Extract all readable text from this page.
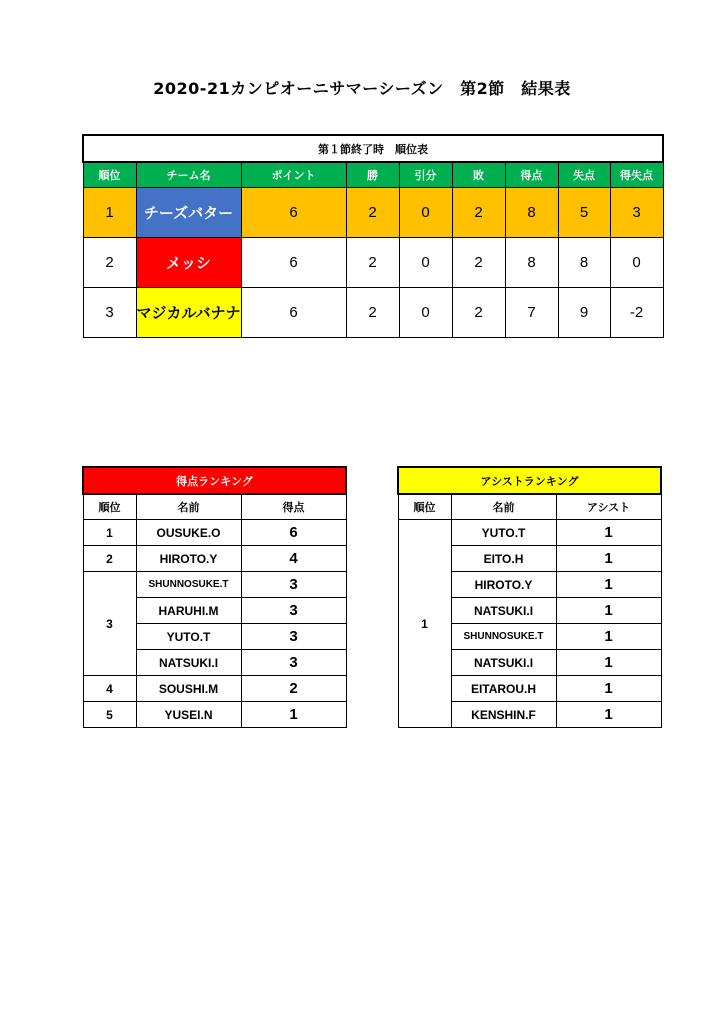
2020-21カンピオーニサマーシーズン　第2節　結果表
第１節終了時　順位表								
順位	チーム名	ポイント	勝	引分	敗	得点	失点	得失点
1	チーズバター	6	2	0	2	8	5	3
2	メッシ	6	2	0	2	8	8	0
3	マジカルバナナ	6	2	0	2	7	9	-2
得点ランキング		
順位	名前	得点
1	OUSUKE.O	6
2	HIROTO.Y	4
3	SHUNNOSUKE.T	3
	HARUHI.M	3
	YUTO.T	3
	NATSUKI.I	3
4	SOUSHI.M	2
5	YUSEI.N	1
アシストランキング		
順位	名前	アシスト
1	YUTO.T	1
	EITO.H	1
	HIROTO.Y	1
	NATSUKI.I	1
	SHUNNOSUKE.T	1
	NATSUKI.I	1
	EITAROU.H	1
	KENSHIN.F	1
